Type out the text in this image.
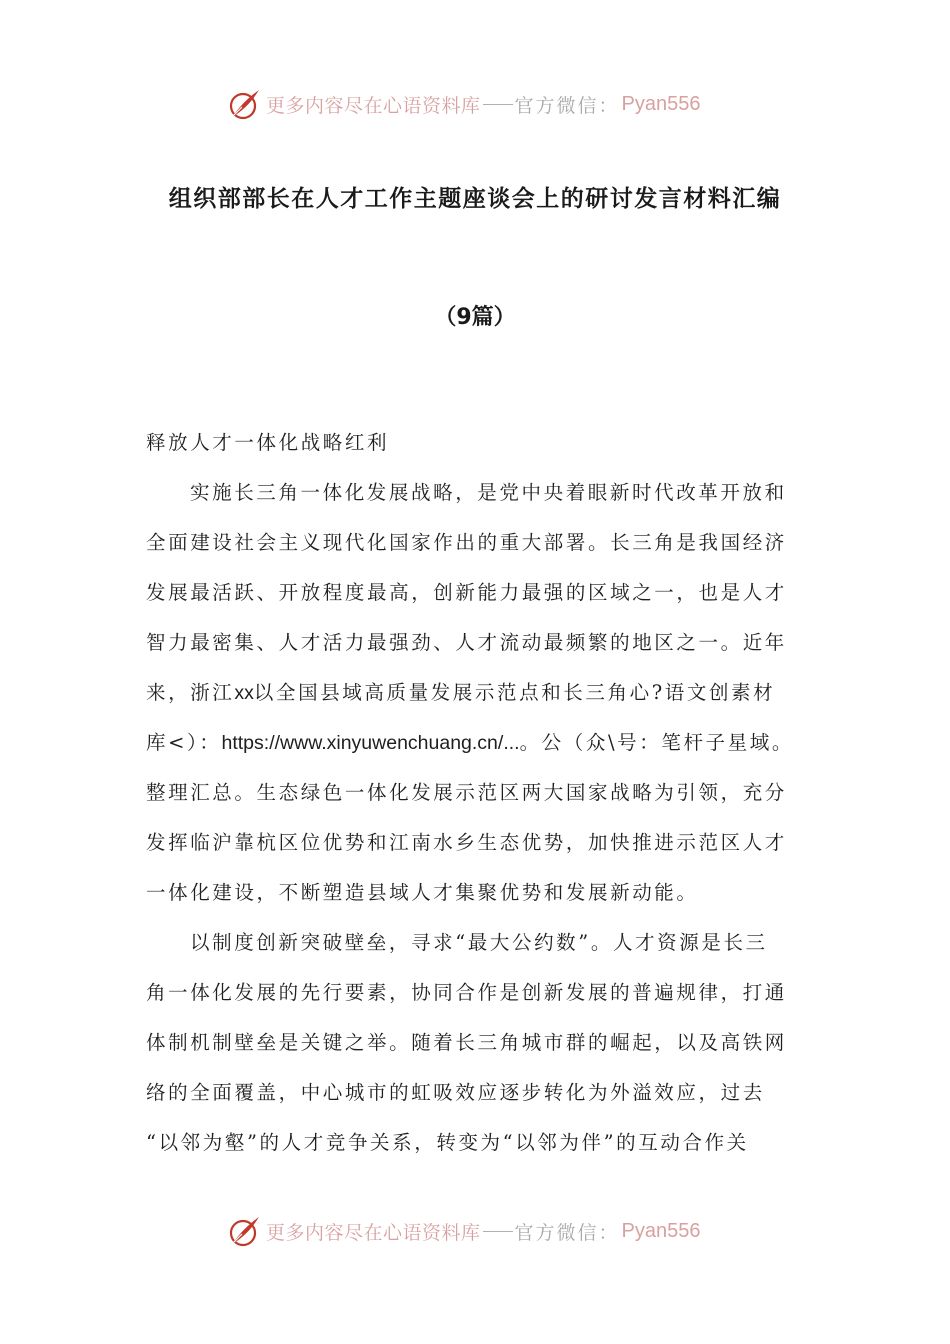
更多内容尽在心语资料库 官方微信： Pyan556
组织部部长在人才工作主题座谈会上的研讨发言材料汇编
（9篇）
释放人才一体化战略红利
实施长三角一体化发展战略，是党中央着眼新时代改革开放和
全面建设社会主义现代化国家作出的重大部署。长三角是我国经济
发展最活跃、开放程度最高，创新能力最强的区域之一，也是人才
智力最密集、人才活力最强劲、人才流动最频繁的地区之一。近年
来，浙江xx以全国县域高质量发展示范点和长三角心?语文创素材
库<）：https://www.xinyuwenchuang.cn/...。公（众\号：笔杆子星域。
整理汇总。生态绿色一体化发展示范区两大国家战略为引领，充分
发挥临沪靠杭区位优势和江南水乡生态优势，加快推进示范区人才
一体化建设，不断塑造县域人才集聚优势和发展新动能。
以制度创新突破壁垒，寻求“最大公约数”。人才资源是长三
角一体化发展的先行要素，协同合作是创新发展的普遍规律，打通
体制机制壁垒是关键之举。随着长三角城市群的崛起，以及高铁网
络的全面覆盖，中心城市的虹吸效应逐步转化为外溢效应，过去
“以邻为壑”的人才竞争关系，转变为“以邻为伴”的互动合作关
更多内容尽在心语资料库 官方微信： Pyan556
